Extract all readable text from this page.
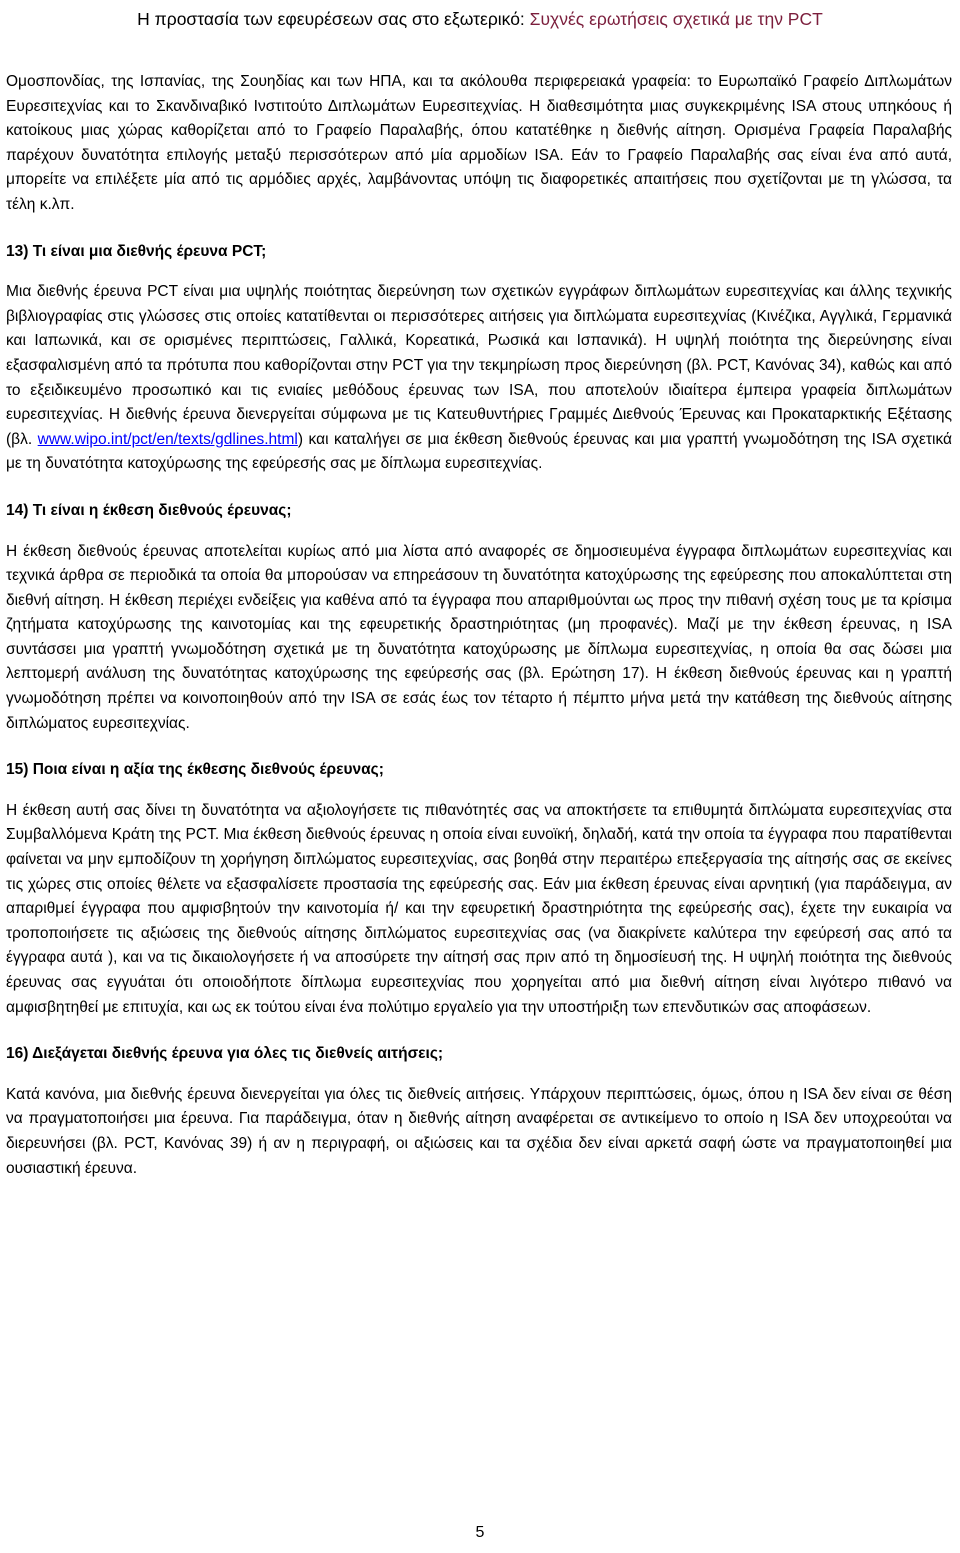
Η προστασία των εφευρέσεων σας στο εξωτερικό: Συχνές ερωτήσεις σχετικά με την PCT

Ομοσπονδίας, της Ισπανίας, της Σουηδίας και των ΗΠΑ, και τα ακόλουθα περιφερειακά γραφεία: το Ευρωπαϊκό Γραφείο Διπλωμάτων Ευρεσιτεχνίας και το Σκανδιναβικό Ινστιτούτο Διπλωμάτων Ευρεσιτεχνίας. Η διαθεσιμότητα μιας συγκεκριμένης ISA στους υπηκόους ή κατοίκους μιας χώρας καθορίζεται από το Γραφείο Παραλαβής, όπου κατατέθηκε η διεθνής αίτηση. Ορισμένα Γραφεία Παραλαβής παρέχουν δυνατότητα επιλογής μεταξύ περισσότερων από μία αρμοδίων ISA. Εάν το Γραφείο Παραλαβής σας είναι ένα από αυτά, μπορείτε να επιλέξετε μία από τις αρμόδιες αρχές, λαμβάνοντας υπόψη τις διαφορετικές απαιτήσεις που σχετίζονται με τη γλώσσα, τα τέλη κ.λπ.

13) Τι είναι μια διεθνής έρευνα PCT;

Μια διεθνής έρευνα PCT είναι μια υψηλής ποιότητας διερεύνηση των σχετικών εγγράφων διπλωμάτων ευρεσιτεχνίας και άλλης τεχνικής βιβλιογραφίας στις γλώσσες στις οποίες κατατίθενται οι περισσότερες αιτήσεις για διπλώματα ευρεσιτεχνίας (Κινέζικα, Αγγλικά, Γερμανικά και Ιαπωνικά, και σε ορισμένες περιπτώσεις, Γαλλικά, Κορεατικά, Ρωσικά και Ισπανικά). Η υψηλή ποιότητα της διερεύνησης είναι εξασφαλισμένη από τα πρότυπα που καθορίζονται στην PCT για την τεκμηρίωση προς διερεύνηση (βλ. PCT, Κανόνας 34), καθώς και από το εξειδικευμένο προσωπικό και τις ενιαίες μεθόδους έρευνας των ISA, που αποτελούν ιδιαίτερα έμπειρα γραφεία διπλωμάτων ευρεσιτεχνίας. Η διεθνής έρευνα διενεργείται σύμφωνα με τις Κατευθυντήριες Γραμμές Διεθνούς Έρευνας και Προκαταρκτικής Εξέτασης (βλ. www.wipo.int/pct/en/texts/gdlines.html) και καταλήγει σε μια έκθεση διεθνούς έρευνας και μια γραπτή γνωμοδότηση της ISA σχετικά με τη δυνατότητα κατοχύρωσης της εφεύρεσής σας με δίπλωμα ευρεσιτεχνίας.

14) Τι είναι η έκθεση διεθνούς έρευνας;

Η έκθεση διεθνούς έρευνας αποτελείται κυρίως από μια λίστα από αναφορές σε δημοσιευμένα έγγραφα διπλωμάτων ευρεσιτεχνίας και τεχνικά άρθρα σε περιοδικά τα οποία θα μπορούσαν να επηρεάσουν τη δυνατότητα κατοχύρωσης της εφεύρεσης που αποκαλύπτεται στη διεθνή αίτηση. Η έκθεση περιέχει ενδείξεις για καθένα από τα έγγραφα που απαριθμούνται ως προς την πιθανή σχέση τους με τα κρίσιμα ζητήματα κατοχύρωσης της καινοτομίας και της εφευρετικής δραστηριότητας (μη προφανές). Μαζί με την έκθεση έρευνας, η ISA συντάσσει μια γραπτή γνωμοδότηση σχετικά με τη δυνατότητα κατοχύρωσης με δίπλωμα ευρεσιτεχνίας, η οποία θα σας δώσει μια λεπτομερή ανάλυση της δυνατότητας κατοχύρωσης της εφεύρεσής σας (βλ. Ερώτηση 17). Η έκθεση διεθνούς έρευνας και η γραπτή γνωμοδότηση πρέπει να κοινοποιηθούν από την ISA σε εσάς έως τον τέταρτο ή πέμπτο μήνα μετά την κατάθεση της διεθνούς αίτησης διπλώματος ευρεσιτεχνίας.

15) Ποια είναι η αξία της έκθεσης διεθνούς έρευνας;

Η έκθεση αυτή σας δίνει τη δυνατότητα να αξιολογήσετε τις πιθανότητές σας να αποκτήσετε τα επιθυμητά διπλώματα ευρεσιτεχνίας στα Συμβαλλόμενα Κράτη της PCT. Μια έκθεση διεθνούς έρευνας η οποία είναι ευνοϊκή, δηλαδή, κατά την οποία τα έγγραφα που παρατίθενται φαίνεται να μην εμποδίζουν τη χορήγηση διπλώματος ευρεσιτεχνίας, σας βοηθά στην περαιτέρω επεξεργασία της αίτησής σας σε εκείνες τις χώρες στις οποίες θέλετε να εξασφαλίσετε προστασία της εφεύρεσής σας. Εάν μια έκθεση έρευνας είναι αρνητική (για παράδειγμα, αν απαριθμεί έγγραφα που αμφισβητούν την καινοτομία ή/ και την εφευρετική δραστηριότητα της εφεύρεσής σας), έχετε την ευκαιρία να τροποποιήσετε τις αξιώσεις της διεθνούς αίτησης διπλώματος ευρεσιτεχνίας σας (να διακρίνετε καλύτερα την εφεύρεσή σας από τα έγγραφα αυτά ), και να τις δικαιολογήσετε ή να αποσύρετε την αίτησή σας πριν από τη δημοσίευσή της. Η υψηλή ποιότητα της διεθνούς έρευνας σας εγγυάται ότι οποιοδήποτε δίπλωμα ευρεσιτεχνίας που χορηγείται από μια διεθνή αίτηση είναι λιγότερο πιθανό να αμφισβητηθεί με επιτυχία, και ως εκ τούτου είναι ένα πολύτιμο εργαλείο για την υποστήριξη των επενδυτικών σας αποφάσεων.

16) Διεξάγεται διεθνής έρευνα για όλες τις διεθνείς αιτήσεις;

Κατά κανόνα, μια διεθνής έρευνα διενεργείται για όλες τις διεθνείς αιτήσεις. Υπάρχουν περιπτώσεις, όμως, όπου η ISA δεν είναι σε θέση να πραγματοποιήσει μια έρευνα. Για παράδειγμα, όταν η διεθνής αίτηση αναφέρεται σε αντικείμενο το οποίο η ISA δεν υποχρεούται να διερευνήσει (βλ. PCT, Κανόνας 39) ή αν η περιγραφή, οι αξιώσεις και τα σχέδια δεν είναι αρκετά σαφή ώστε να πραγματοποιηθεί μια ουσιαστική έρευνα.

5
